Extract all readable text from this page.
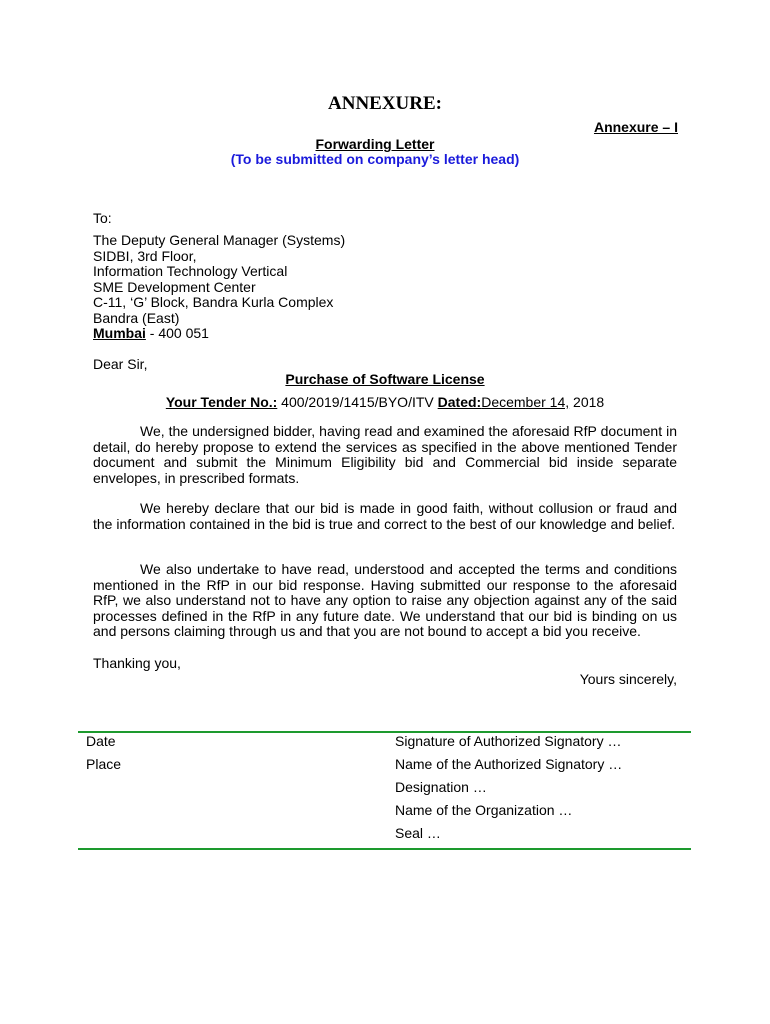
ANNEXURE:
Annexure – I
Forwarding Letter
(To be submitted on company’s letter head)
To:
The Deputy General Manager (Systems)
SIDBI, 3rd Floor,
Information Technology Vertical
SME Development Center
C-11, ‘G’ Block, Bandra Kurla Complex
Bandra (East)
Mumbai - 400 051
Dear Sir,
Purchase of Software License
Your Tender No.: 400/2019/1415/BYO/ITV Dated:December 14, 2018
We, the undersigned bidder, having read and examined the aforesaid RfP document in detail, do hereby propose to extend the services as specified in the above mentioned Tender document and submit the Minimum Eligibility bid and Commercial bid inside separate envelopes, in prescribed formats.
We hereby declare that our bid is made in good faith, without collusion or fraud and the information contained in the bid is true and correct to the best of our knowledge and belief.
We also undertake to have read, understood and accepted the terms and conditions mentioned in the RfP in our bid response. Having submitted our response to the aforesaid RfP, we also understand not to have any option to raise any objection against any of the said processes defined in the RfP in any future date. We understand that our bid is binding on us and persons claiming through us and that you are not bound to accept a bid you receive.
Thanking you,
Yours sincerely,
Date
Place
Signature of Authorized Signatory …
Name of the Authorized Signatory …
Designation …
Name of the Organization …
Seal …
